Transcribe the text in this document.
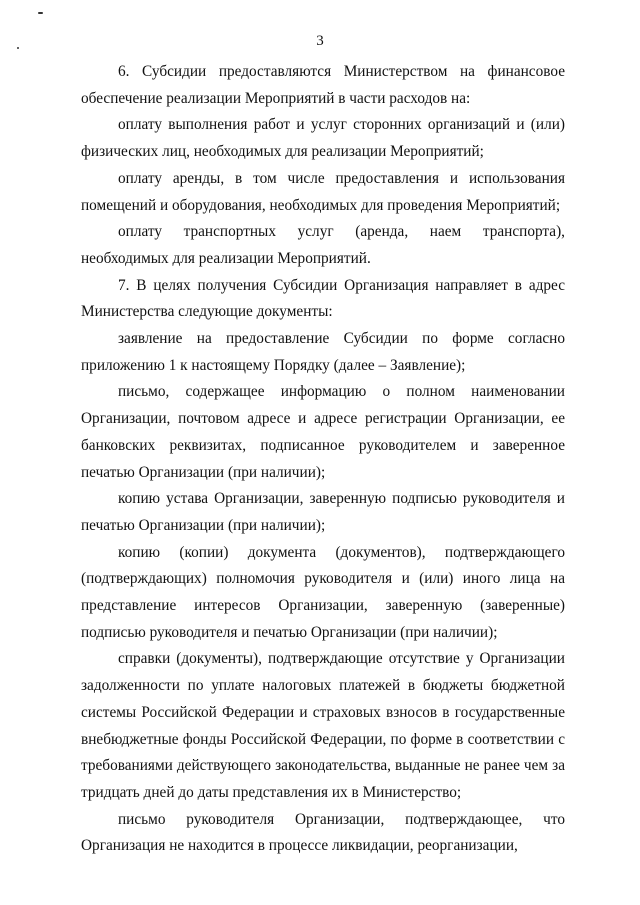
3

6. Субсидии предоставляются Министерством на финансовое обеспечение реализации Мероприятий в части расходов на:

оплату выполнения работ и услуг сторонних организаций и (или) физических лиц, необходимых для реализации Мероприятий;

оплату аренды, в том числе предоставления и использования помещений и оборудования, необходимых для проведения Мероприятий;

оплату транспортных услуг (аренда, наем транспорта), необходимых для реализации Мероприятий.

7. В целях получения Субсидии Организация направляет в адрес Министерства следующие документы:

заявление на предоставление Субсидии по форме согласно приложению 1 к настоящему Порядку (далее – Заявление);

письмо, содержащее информацию о полном наименовании Организации, почтовом адресе и адресе регистрации Организации, ее банковских реквизитах, подписанное руководителем и заверенное печатью Организации (при наличии);

копию устава Организации, заверенную подписью руководителя и печатью Организации (при наличии);

копию (копии) документа (документов), подтверждающего (подтверждающих) полномочия руководителя и (или) иного лица на представление интересов Организации, заверенную (заверенные) подписью руководителя и печатью Организации (при наличии);

справки (документы), подтверждающие отсутствие у Организации задолженности по уплате налоговых платежей в бюджеты бюджетной системы Российской Федерации и страховых взносов в государственные внебюджетные фонды Российской Федерации, по форме в соответствии с требованиями действующего законодательства, выданные не ранее чем за тридцать дней до даты представления их в Министерство;

письмо руководителя Организации, подтверждающее, что Организация не находится в процессе ликвидации, реорганизации,
